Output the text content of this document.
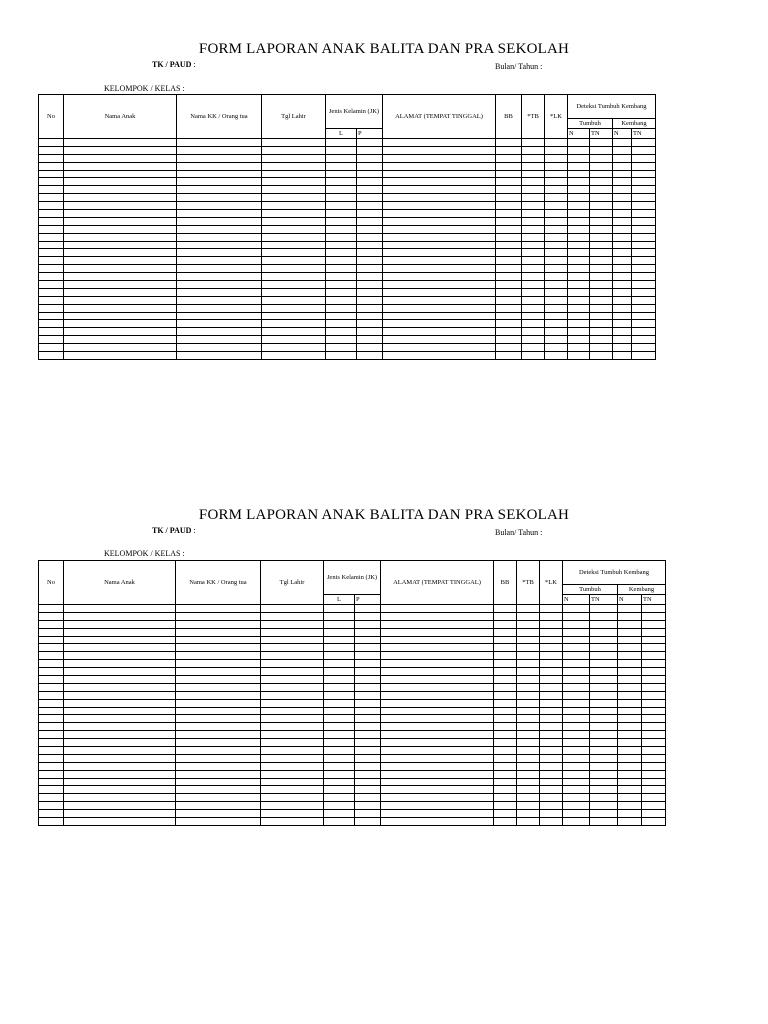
FORM LAPORAN ANAK BALITA DAN PRA SEKOLAH
TK / PAUD :	Bulan/ Tahun :
KELOMPOK / KELAS :
No	Nama Anak	Nama KK / Orang tua	Tgl Lahir	Jenis Kelamin (JK)		ALAMAT (TEMPAT TINGGAL)	BB	*TB	*LK	Deteksi Tumbuh Kembang			
										Tumbuh		Kembang	
				L	P					N	TN	N	TN

FORM LAPORAN ANAK BALITA DAN PRA SEKOLAH
TK / PAUD :	Bulan/ Tahun :
KELOMPOK / KELAS :
No	Nama Anak	Nama KK / Orang tua	Tgl Lahir	Jenis Kelamin (JK)		ALAMAT (TEMPAT TINGGAL)	BB	*TB	*LK	Deteksi Tumbuh Kembang			
										Tumbuh		Kembang	
				L	P					N	TN	N	TN
